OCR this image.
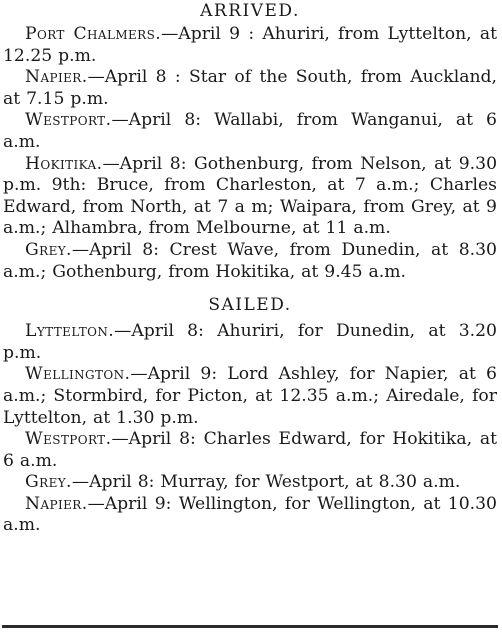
ARRIVED.

Port Chalmers.—April 9 : Ahuriri, from Lyttelton, at 12.25 p.m.

Napier.—April 8 : Star of the South, from Auckland, at 7.15 p.m.

Westport.—April 8: Wallabi, from Wanganui, at 6 a.m.

Hokitika.—April 8: Gothenburg, from Nelson, at 9.30 p.m. 9th: Bruce, from Charleston, at 7 a.m.; Charles Edward, from North, at 7 a m; Waipara, from Grey, at 9 a.m.; Alhambra, from Melbourne, at 11 a.m.

Grey.—April 8: Crest Wave, from Dunedin, at 8.30 a.m.; Gothenburg, from Hokitika, at 9.45 a.m.

SAILED.

Lyttelton.—April 8: Ahuriri, for Dunedin, at 3.20 p.m.

Wellington.—April 9: Lord Ashley, for Napier, at 6 a.m.; Stormbird, for Picton, at 12.35 a.m.; Airedale, for Lyttelton, at 1.30 p.m.

Westport.—April 8: Charles Edward, for Hokitika, at 6 a.m.

Grey.—April 8: Murray, for Westport, at 8.30 a.m.

Napier.—April 9: Wellington, for Wellington, at 10.30 a.m.
